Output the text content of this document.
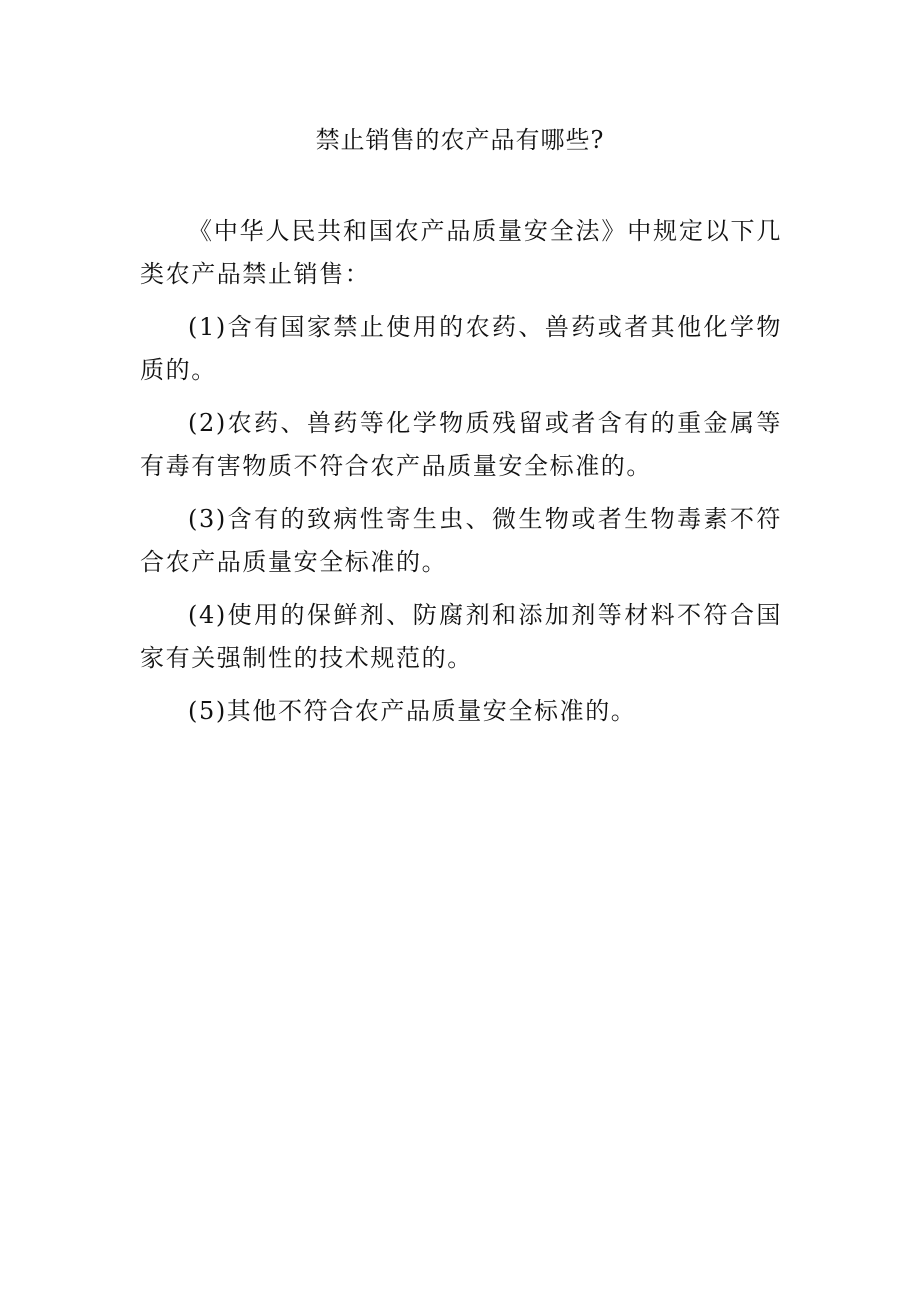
禁止销售的农产品有哪些?

《中华人民共和国农产品质量安全法》中规定以下几类农产品禁止销售：

(1)含有国家禁止使用的农药、兽药或者其他化学物质的。

(2)农药、兽药等化学物质残留或者含有的重金属等有毒有害物质不符合农产品质量安全标准的。

(3)含有的致病性寄生虫、微生物或者生物毒素不符合农产品质量安全标准的。

(4)使用的保鲜剂、防腐剂和添加剂等材料不符合国家有关强制性的技术规范的。

(5)其他不符合农产品质量安全标准的。
